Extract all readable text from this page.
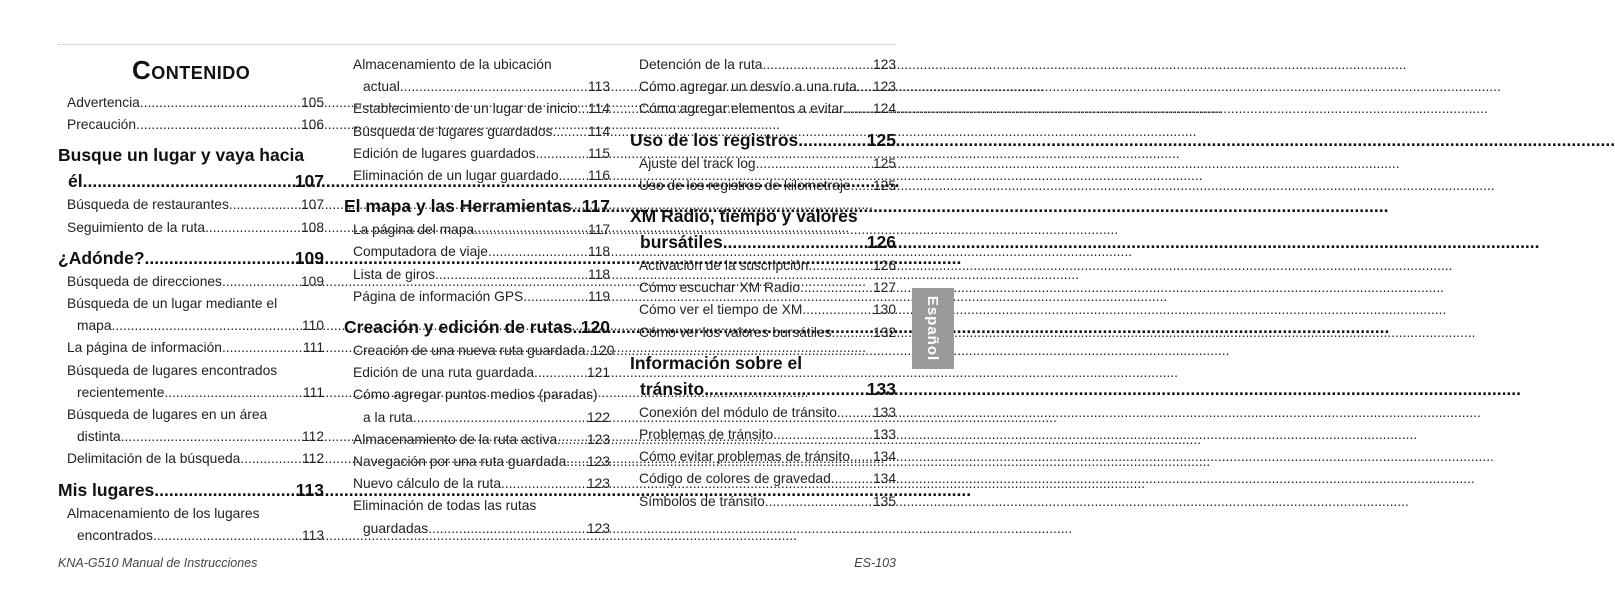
Contenido
Advertencia .....	105
Precaución .....	106
Busque un lugar y vaya hacia
él .....	107
Búsqueda de restaurantes .....	107
Seguimiento de la ruta .....	108
¿Adónde? .....	109
Búsqueda de direcciones .....	109
Búsqueda de un lugar mediante el
mapa .....	110
La página de información .....	111
Búsqueda de lugares encontrados
recientemente .....	111
Búsqueda de lugares en un área
distinta .....	112
Delimitación de la búsqueda .....	112
Mis lugares .....	113
Almacenamiento de los lugares
encontrados .....	113
Almacenamiento de la ubicación
actual .....	113
Establecimiento de un lugar de inicio ..... 114
Búsqueda de lugares guardados .....	114
Edición de lugares guardados .....	115
Eliminación de un lugar guardado ..... 116
El mapa y las Herramientas ..... 117
La página del mapa .....	117
Computadora de viaje .....	118
Lista de giros .....	118
Página de información GPS .....	119
Creación y edición de rutas ..... 120
Creación de una nueva ruta guardada ..... 120
Edición de una ruta guardada .....	121
Cómo agregar puntos medios (paradas)
a la ruta .....	122
Almacenamiento de la ruta activa ..... 123
Navegación por una ruta guardada ..... 123
Nuevo cálculo de la ruta .....	123
Eliminación de todas las rutas
guardadas .....	123
Detención de la ruta .....	123
Cómo agregar un desvío a una ruta ..... 123
Cómo agregar elementos a evitar ..... 124
Uso de los registros .....	125
Ajuste del track log .....	125
Uso de los registros de kilometraje ..... 125
XM Radio, tiempo y valores
bursátiles .....	126
Activación de la suscripción .....	126
Cómo escuchar XM Radio .....	127
Cómo ver el tiempo de XM .....	130
Cómo ver los valores bursátiles .....	132
Información sobre el
tránsito .....	133
Conexión del módulo de tránsito .....	133
Problemas de tránsito .....	133
Cómo evitar problemas de tránsito ..... 134
Código de colores de gravedad .....	134
Símbolos de tránsito .....	135
Español
KNA-G510 Manual de Instrucciones	ES-103
